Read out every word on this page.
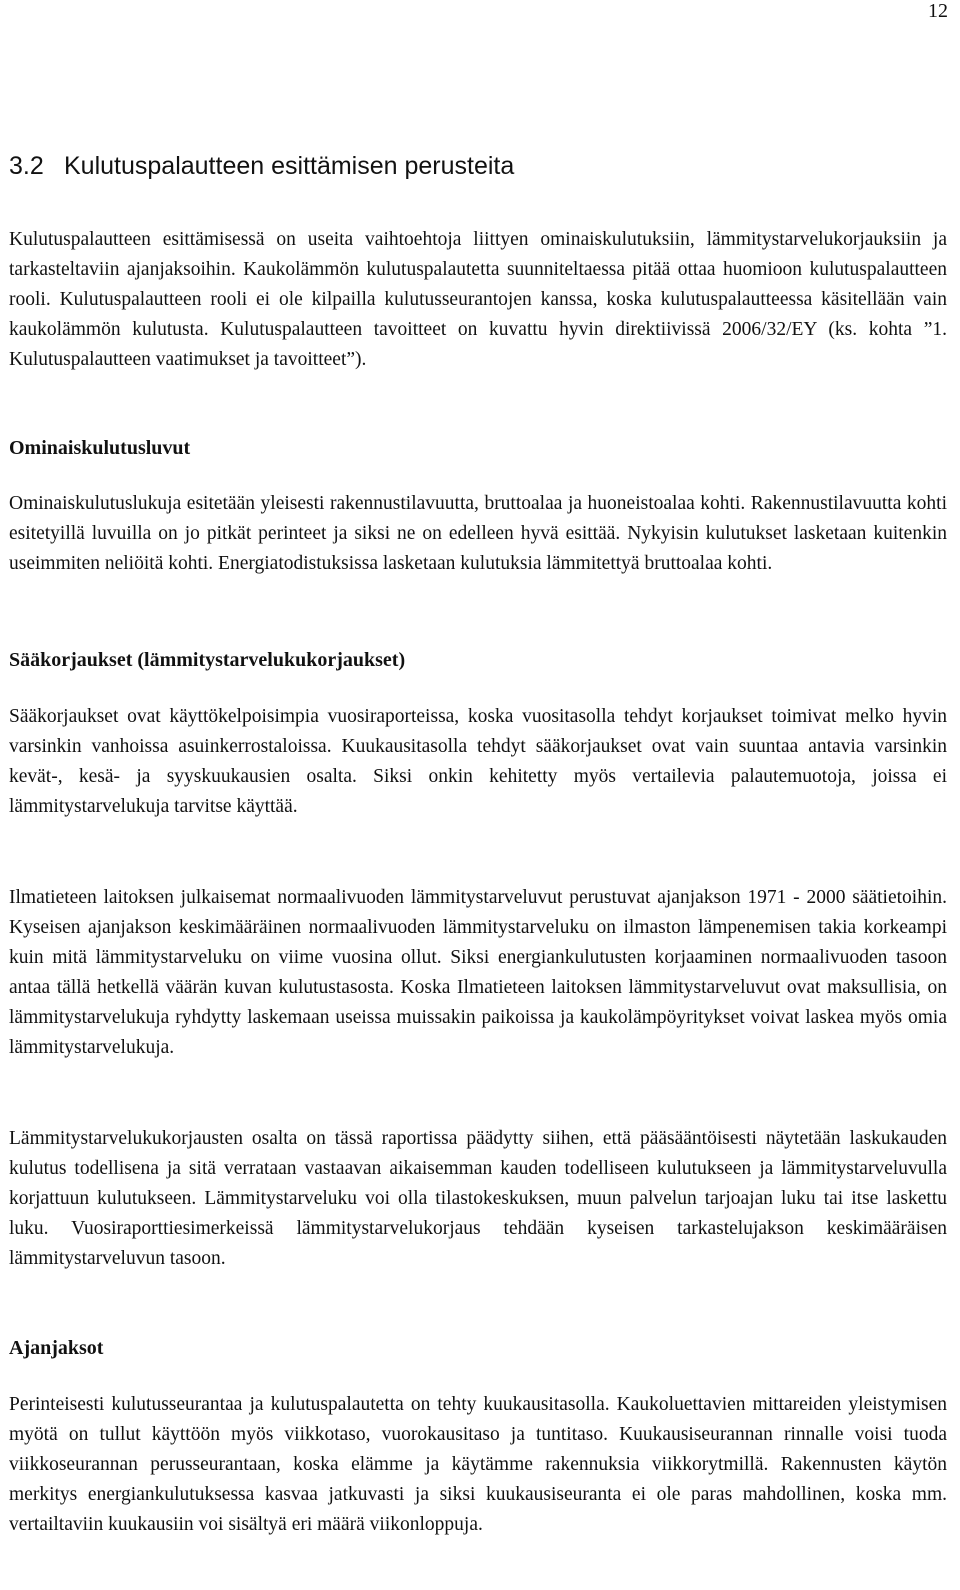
12
3.2 Kulutuspalautteen esittämisen perusteita

Kulutuspalautteen esittämisessä on useita vaihtoehtoja liittyen ominaiskulutuksiin, lämmitystarvelukorjauksiin ja tarkasteltaviin ajanjaksoihin. Kaukolämmön kulutuspalautetta suunniteltaessa pitää ottaa huomioon kulutuspalautteen rooli. Kulutuspalautteen rooli ei ole kilpailla kulutusseurantojen kanssa, koska kulutuspalautteessa käsitellään vain kaukolämmön kulutusta. Kulutuspalautteen tavoitteet on kuvattu hyvin direktiivissä 2006/32/EY (ks. kohta ”1. Kulutuspalautteen vaatimukset ja tavoitteet”).

Ominaiskulutusluvut

Ominaiskulutuslukuja esitetään yleisesti rakennustilavuutta, bruttoalaa ja huoneistoalaa kohti. Rakennustilavuutta kohti esitetyillä luvuilla on jo pitkät perinteet ja siksi ne on edelleen hyvä esittää. Nykyisin kulutukset lasketaan kuitenkin useimmiten neliöitä kohti. Energiatodistuksissa lasketaan kulutuksia lämmitettyä bruttoalaa kohti.

Sääkorjaukset (lämmitystarvelukukorjaukset)

Sääkorjaukset ovat käyttökelpoisimpia vuosiraporteissa, koska vuositasolla tehdyt korjaukset toimivat melko hyvin varsinkin vanhoissa asuinkerrostaloissa. Kuukausitasolla tehdyt sääkorjaukset ovat vain suuntaa antavia varsinkin kevät-, kesä- ja syyskuukausien osalta. Siksi onkin kehitetty myös vertailevia palautemuotoja, joissa ei lämmitystarvelukuja tarvitse käyttää.

Ilmatieteen laitoksen julkaisemat normaalivuoden lämmitystarveluvut perustuvat ajanjakson 1971 - 2000 säätietoihin. Kyseisen ajanjakson keskimääräinen normaalivuoden lämmitystarveluku on ilmaston lämpenemisen takia korkeampi kuin mitä lämmitystarveluku on viime vuosina ollut. Siksi energiankulutusten korjaaminen normaalivuoden tasoon antaa tällä hetkellä väärän kuvan kulutustasosta. Koska Ilmatieteen laitoksen lämmitystarveluvut ovat maksullisia, on lämmitystarvelukuja ryhdytty laskemaan useissa muissakin paikoissa ja kaukolämpöyritykset voivat laskea myös omia lämmitystarvelukuja.

Lämmitystarvelukukorjausten osalta on tässä raportissa päädytty siihen, että pääsääntöisesti näytetään laskukauden kulutus todellisena ja sitä verrataan vastaavan aikaisemman kauden todelliseen kulutukseen ja lämmitystarveluvulla korjattuun kulutukseen. Lämmitystarveluku voi olla tilastokeskuksen, muun palvelun tarjoajan luku tai itse laskettu luku. Vuosiraporttiesimerkeissä lämmitystarvelukorjaus tehdään kyseisen tarkastelujakson keskimääräisen lämmitystarveluvun tasoon.

Ajanjaksot

Perinteisesti kulutusseurantaa ja kulutuspalautetta on tehty kuukausitasolla. Kaukoluettavien mittareiden yleistymisen myötä on tullut käyttöön myös viikkotaso, vuorokausitaso ja tuntitaso. Kuukausiseurannan rinnalle voisi tuoda viikkoseurannan perusseurantaan, koska elämme ja käytämme rakennuksia viikkorytmillä. Rakennusten käytön merkitys energiankulutuksessa kasvaa jatkuvasti ja siksi kuukausiseuranta ei ole paras mahdollinen, koska mm. vertailtaviin kuukausiin voi sisältyä eri määrä viikonloppuja.
